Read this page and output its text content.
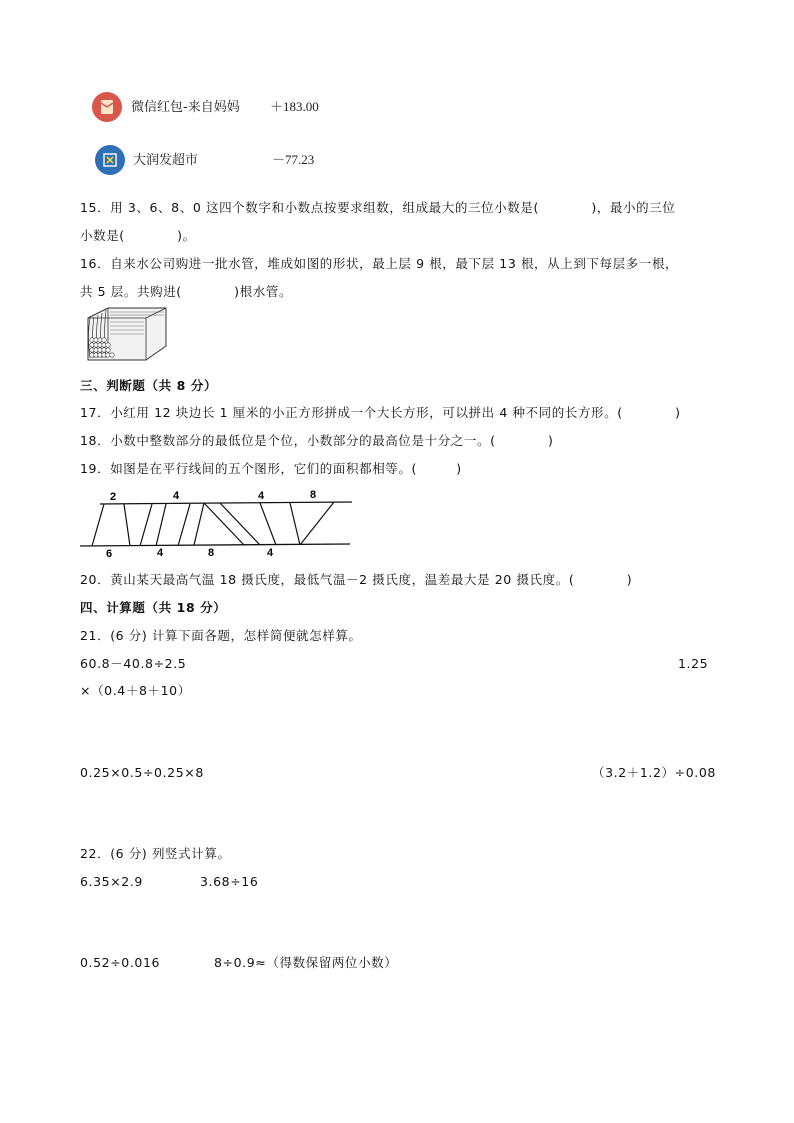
微信红包-来自妈妈 ＋183.00
大润发超市	－77.23
15．用 3、6、8、0 这四个数字和小数点按要求组数，组成最大的三位小数是(　　　　)，最小的三位
小数是(　　　　)。
16．自来水公司购进一批水管，堆成如图的形状，最上层 9 根，最下层 13 根，从上到下每层多一根，
共 5 层。共购进(　　　　)根水管。
三、判断题（共 8 分）
17．小红用 12 块边长 1 厘米的小正方形拼成一个大长方形，可以拼出 4 种不同的长方形。(　　　　)
18．小数中整数部分的最低位是个位，小数部分的最高位是十分之一。(　　　　)
19．如图是在平行线间的五个图形，它们的面积都相等。(　　　)
2	4	4	8
6	4	8	4
20．黄山某天最高气温 18 摄氏度，最低气温－2 摄氏度，温差最大是 20 摄氏度。(　　　　)
四、计算题（共 18 分）
21．(6 分) 计算下面各题，怎样简便就怎样算。
60.8－40.8÷2.5	1.25
×（0.4＋8＋10）
0.25×0.5÷0.25×8	（3.2＋1.2）÷0.08
22．(6 分) 列竖式计算。
6.35×2.9	3.68÷16
0.52÷0.016	8÷0.9≈（得数保留两位小数）
